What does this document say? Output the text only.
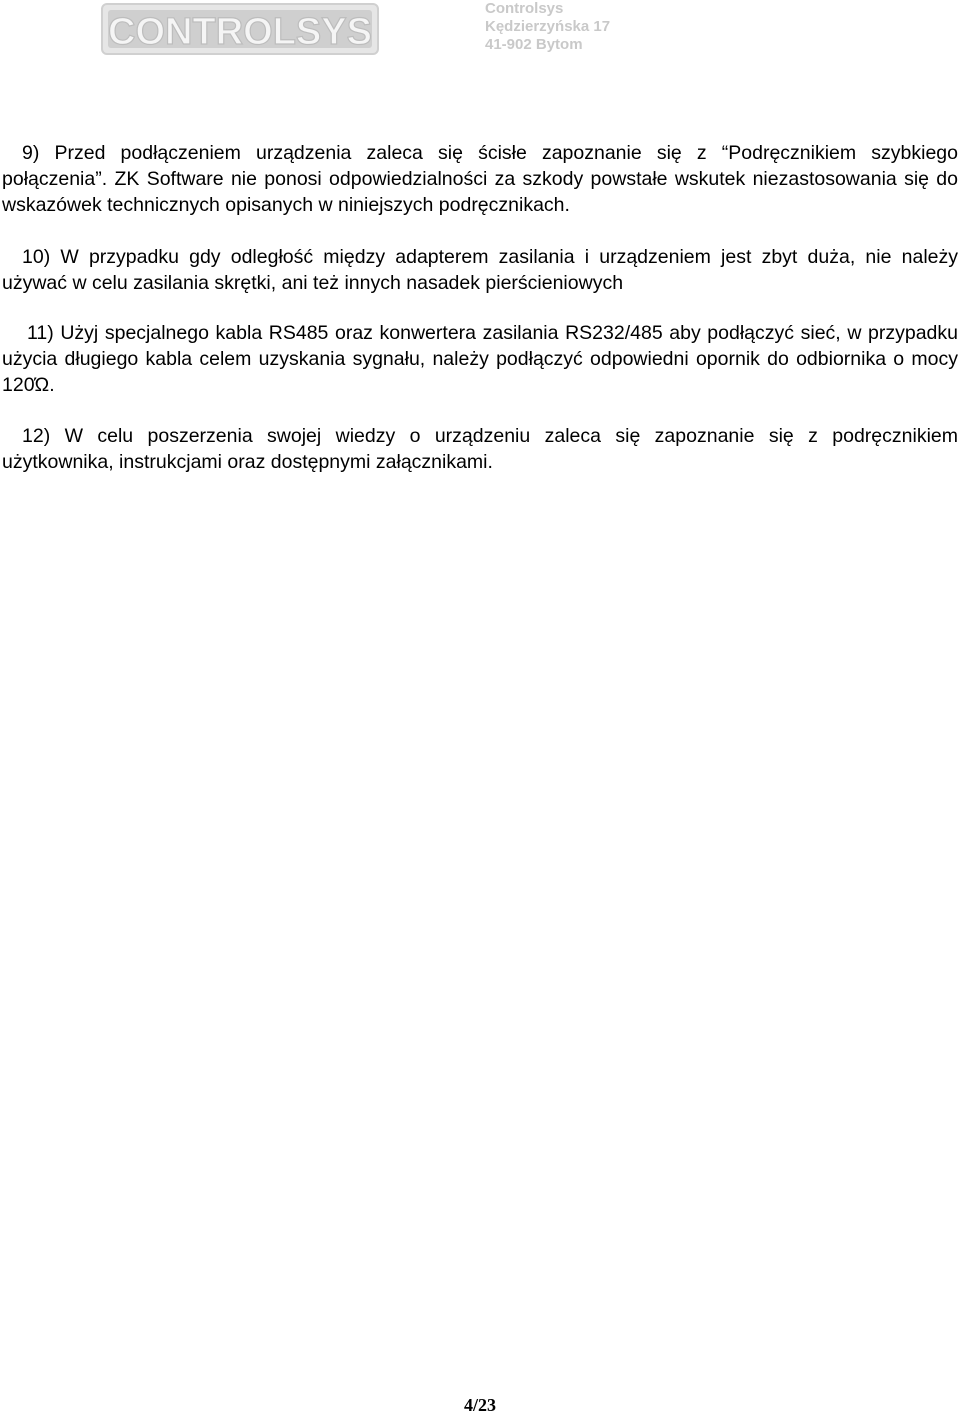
CONTROLSYS
Controlsys
Kędzierzyńska 17
41-902 Bytom

9) Przed podłączeniem urządzenia zaleca się ścisłe zapoznanie się z “Podręcznikiem szybkiego połączenia”. ZK Software nie ponosi odpowiedzialności za szkody powstałe wskutek niezastosowania się do wskazówek technicznych opisanych w niniejszych podręcznikach.

10) W przypadku gdy odległość między adapterem zasilania i urządzeniem jest zbyt duża, nie należy używać w celu zasilania skrętki, ani też innych nasadek pierścieniowych

11) Użyj specjalnego kabla RS485 oraz konwertera zasilania RS232/485 aby podłączyć sieć, w przypadku użycia długiego kabla celem uzyskania sygnału, należy podłączyć odpowiedni opornik do odbiornika o mocy 120Ώ.

12) W celu poszerzenia swojej wiedzy o urządzeniu zaleca się zapoznanie się z podręcznikiem użytkownika, instrukcjami oraz dostępnymi załącznikami.

4/23
